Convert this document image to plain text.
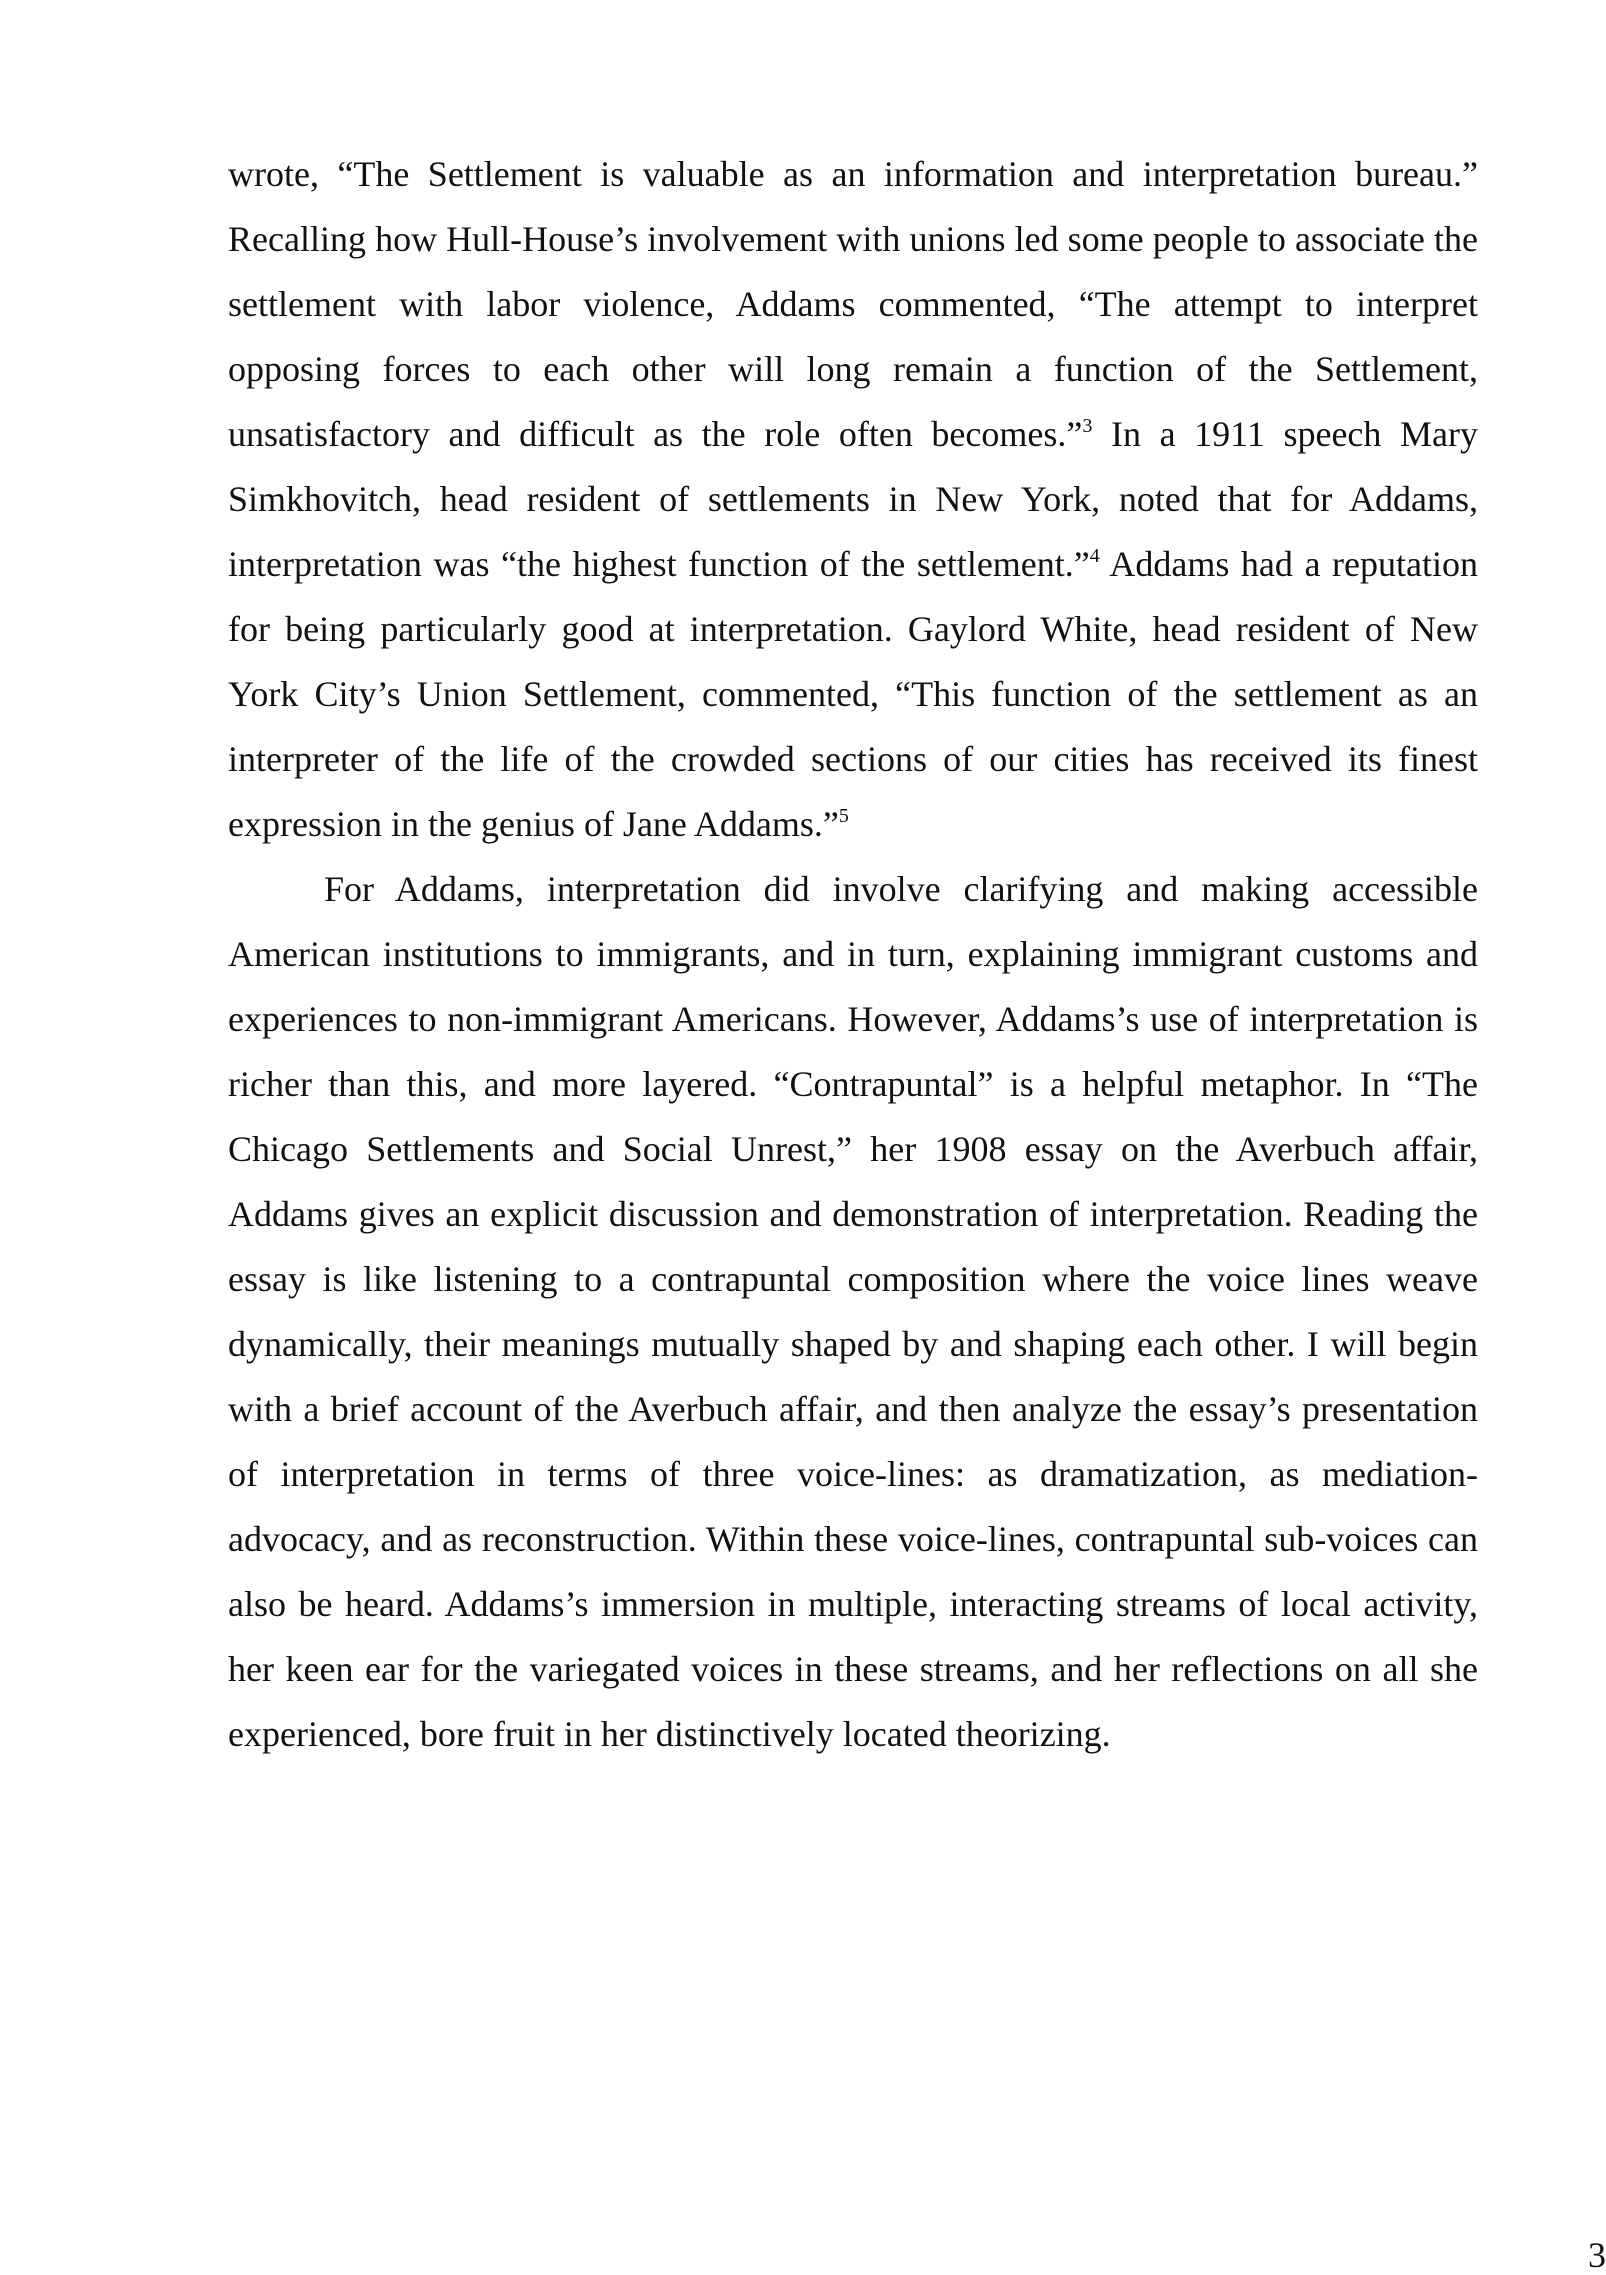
wrote, “The Settlement is valuable as an information and interpretation bureau.” Recalling how Hull-House’s involvement with unions led some people to associate the settlement with labor violence, Addams commented, “The attempt to interpret opposing forces to each other will long remain a function of the Settlement, unsatisfactory and difficult as the role often becomes.”$^3$ In a 1911 speech Mary Simkhovitch, head resident of settlements in New York, noted that for Addams, interpretation was “the highest function of the settlement.”$^4$ Addams had a reputation for being particularly good at interpretation. Gaylord White, head resident of New York City’s Union Settlement, commented, “This function of the settlement as an interpreter of the life of the crowded sections of our cities has received its finest expression in the genius of Jane Addams.”$^5$

For Addams, interpretation did involve clarifying and making accessible American institutions to immigrants, and in turn, explaining immigrant customs and experiences to non-immigrant Americans. However, Addams’s use of interpretation is richer than this, and more layered. “Contrapuntal” is a helpful metaphor. In “The Chicago Settlements and Social Unrest,” her 1908 essay on the Averbuch affair, Addams gives an explicit discussion and demonstration of interpretation. Reading the essay is like listening to a contrapuntal composition where the voice lines weave dynamically, their meanings mutually shaped by and shaping each other. I will begin with a brief account of the Averbuch affair, and then analyze the essay’s presentation of interpretation in terms of three voice-lines: as dramatization, as mediation-advocacy, and as reconstruction. Within these voice-lines, contrapuntal sub-voices can also be heard. Addams’s immersion in multiple, interacting streams of local activity, her keen ear for the variegated voices in these streams, and her reflections on all she experienced, bore fruit in her distinctively located theorizing.

3
